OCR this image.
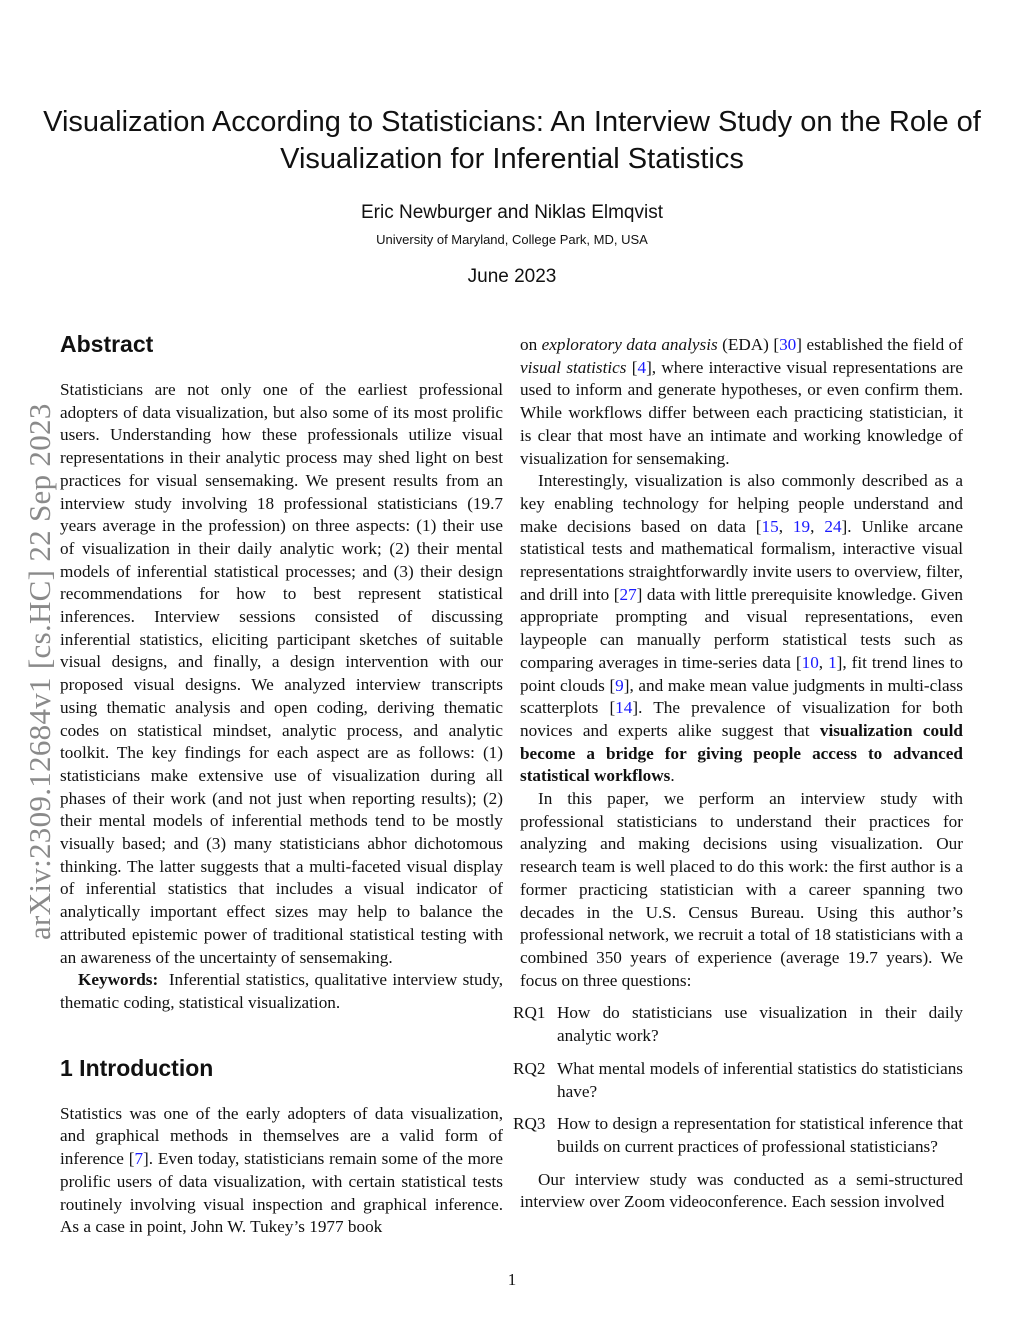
Visualization According to Statisticians: An Interview Study on the Role of Visualization for Inferential Statistics
Eric Newburger and Niklas Elmqvist
University of Maryland, College Park, MD, USA
June 2023
arXiv:2309.12684v1 [cs.HC] 22 Sep 2023
Abstract

Statisticians are not only one of the earliest professional adopters of data visualization, but also some of its most prolific users. Understanding how these professionals utilize visual representations in their analytic process may shed light on best practices for visual sensemaking. We present results from an interview study involving 18 professional statisticians (19.7 years average in the profession) on three aspects: (1) their use of visualization in their daily analytic work; (2) their mental models of inferential statistical processes; and (3) their design recommendations for how to best represent statistical inferences. Interview sessions consisted of discussing inferential statistics, eliciting participant sketches of suitable visual designs, and finally, a design intervention with our proposed visual designs. We analyzed interview transcripts using thematic analysis and open coding, deriving thematic codes on statistical mindset, analytic process, and analytic toolkit. The key findings for each aspect are as follows: (1) statisticians make extensive use of visualization during all phases of their work (and not just when reporting results); (2) their mental models of inferential methods tend to be mostly visually based; and (3) many statisticians abhor dichotomous thinking. The latter suggests that a multi-faceted visual display of inferential statistics that includes a visual indicator of analytically important effect sizes may help to balance the attributed epistemic power of traditional statistical testing with an awareness of the uncertainty of sensemaking.

Keywords: Inferential statistics, qualitative interview study, thematic coding, statistical visualization.

1 Introduction

Statistics was one of the early adopters of data visualization, and graphical methods in themselves are a valid form of inference [7]. Even today, statisticians remain some of the more prolific users of data visualization, with certain statistical tests routinely involving visual inspection and graphical inference. As a case in point, John W. Tukey’s 1977 book

on exploratory data analysis (EDA) [30] established the field of visual statistics [4], where interactive visual representations are used to inform and generate hypotheses, or even confirm them. While workflows differ between each practicing statistician, it is clear that most have an intimate and working knowledge of visualization for sensemaking.

Interestingly, visualization is also commonly described as a key enabling technology for helping people understand and make decisions based on data [15, 19, 24]. Unlike arcane statistical tests and mathematical formalism, interactive visual representations straightforwardly invite users to overview, filter, and drill into [27] data with little prerequisite knowledge. Given appropriate prompting and visual representations, even laypeople can manually perform statistical tests such as comparing averages in time-series data [10, 1], fit trend lines to point clouds [9], and make mean value judgments in multi-class scatterplots [14]. The prevalence of visualization for both novices and experts alike suggest that visualization could become a bridge for giving people access to advanced statistical workflows.

In this paper, we perform an interview study with professional statisticians to understand their practices for analyzing and making decisions using visualization. Our research team is well placed to do this work: the first author is a former practicing statistician with a career spanning two decades in the U.S. Census Bureau. Using this author’s professional network, we recruit a total of 18 statisticians with a combined 350 years of experience (average 19.7 years). We focus on three questions:

RQ1 How do statisticians use visualization in their daily analytic work?
RQ2 What mental models of inferential statistics do statisticians have?
RQ3 How to design a representation for statistical inference that builds on current practices of professional statisticians?

Our interview study was conducted as a semi-structured interview over Zoom videoconference. Each session involved

1
